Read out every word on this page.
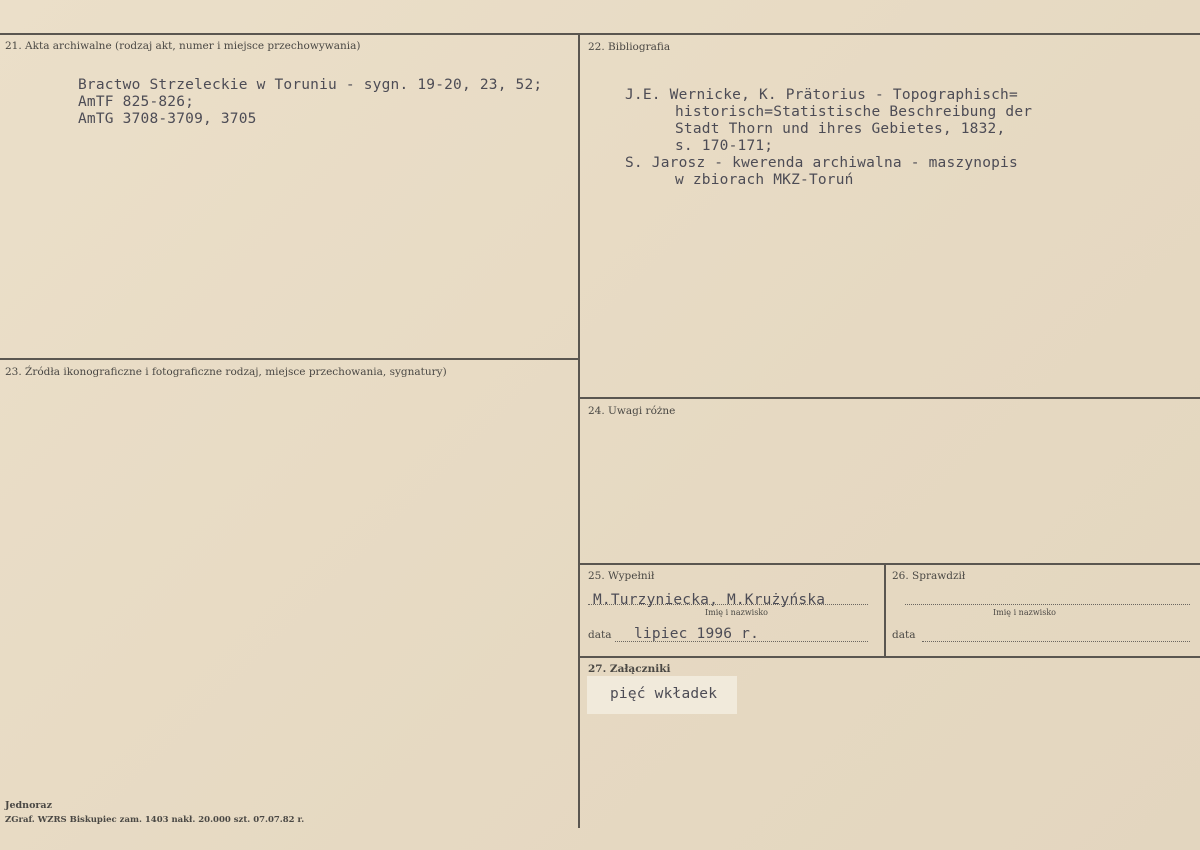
21. Akta archiwalne (rodzaj akt, numer i miejsce przechowywania)
Bractwo Strzeleckie w Toruniu - sygn. 19-20, 23, 52;
AmTF 825-826;
AmTG 3708-3709, 3705
22. Bibliografia
J.E. Wernicke, K. Prätorius - Topographisch=
historisch=Statistische Beschreibung der
Stadt Thorn und ihres Gebietes, 1832,
s. 170-171;
S. Jarosz - kwerenda archiwalna - maszynopis
w zbiorach MKZ-Toruń
23. Źródła ikonograficzne i fotograficzne rodzaj, miejsce przechowania, sygnatury)
24. Uwagi różne
25. Wypełnił
M.Turzyniecka, M.Krużyńska
Imię i nazwisko
data lipiec 1996 r.
26. Sprawdził
Imię i nazwisko
data
27. Załączniki
pięć wkładek
Jednoraz
ZGraf. WZRS Biskupiec zam. 1403 nakł. 20.000 szt. 07.07.82 r.
